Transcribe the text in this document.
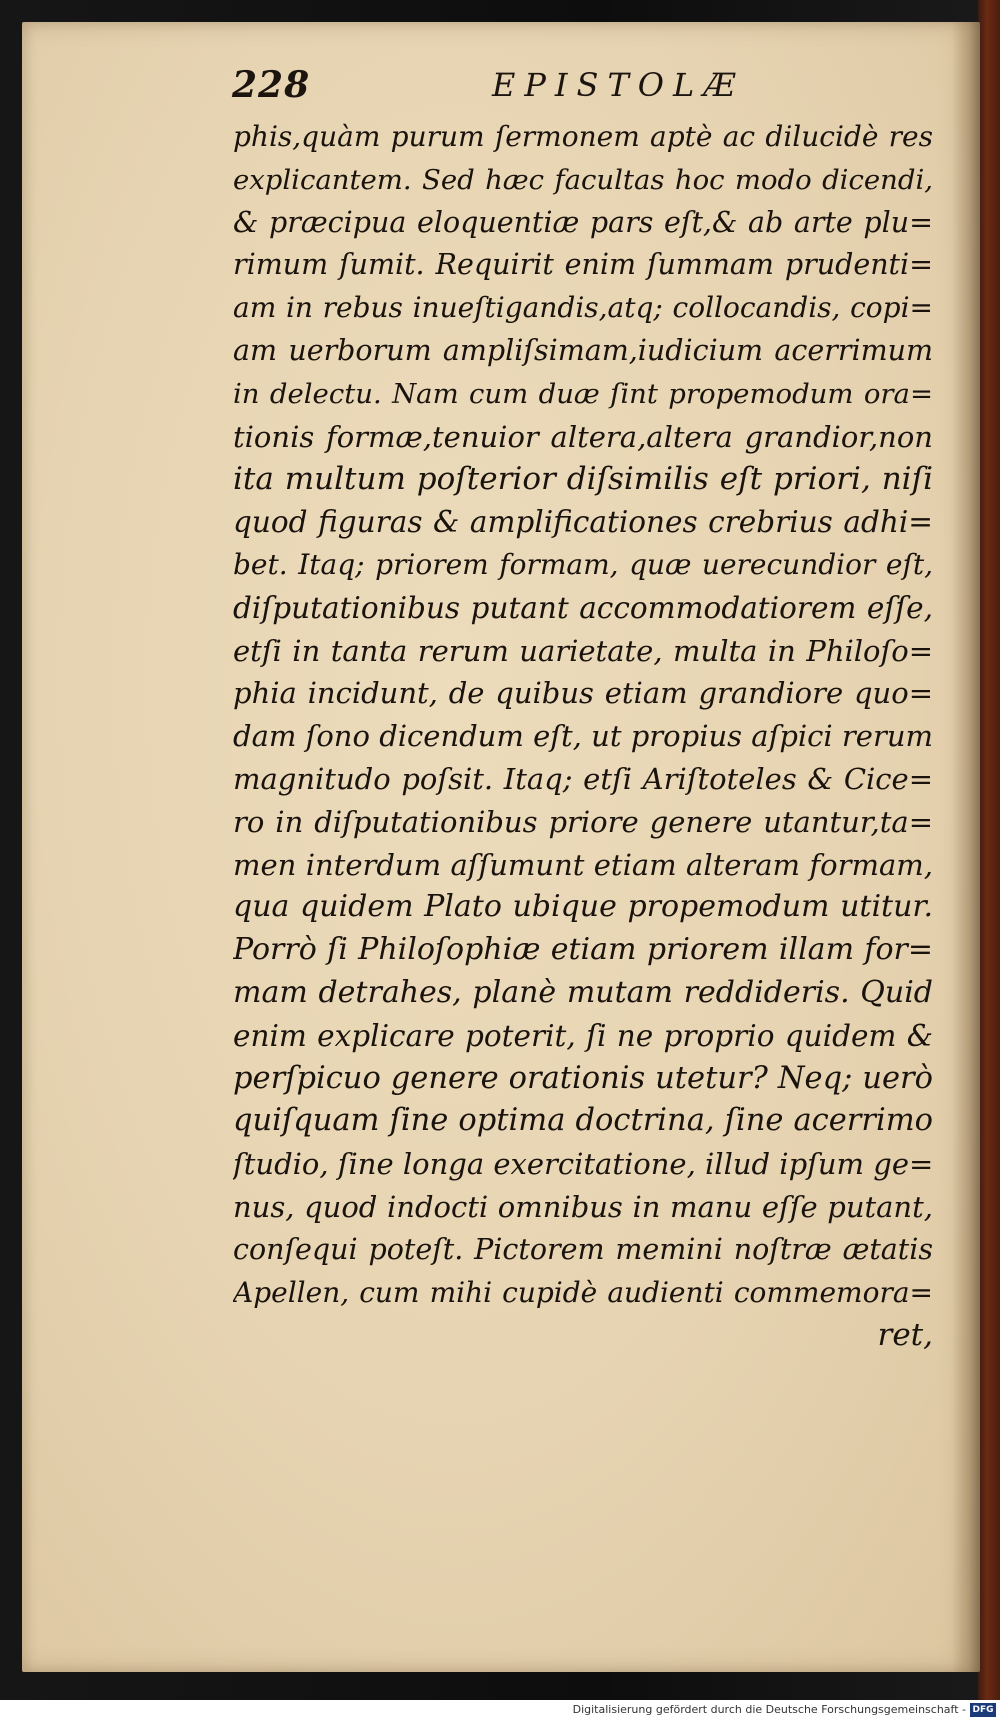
228	EPISTOLÆ
phis,quàm purum ſermonem aptè ac dilucidè res
explicantem. Sed hæc facultas hoc modo dicendi,
& præcipua eloquentiæ pars eſt,& ab arte plu=
rimum ſumit. Requirit enim ſummam prudenti=
am in rebus inueſtigandis,atq; collocandis, copi=
am uerborum ampliſsimam,iudicium acerrimum
in delectu. Nam cum duæ ſint propemodum ora=
tionis formæ,tenuior altera,altera grandior,non
ita multum poſterior diſsimilis eſt priori, niſi
quod figuras & amplificationes crebrius adhi=
bet. Itaq; priorem formam, quæ uerecundior eſt,
diſputationibus putant accommodatiorem eſſe,
etſi in tanta rerum uarietate, multa in Philoſo=
phia incidunt, de quibus etiam grandiore quo=
dam ſono dicendum eſt, ut propius aſpici rerum
magnitudo poſsit. Itaq; etſi Ariſtoteles & Cice=
ro in diſputationibus priore genere utantur,ta=
men interdum aſſumunt etiam alteram formam,
qua quidem Plato ubique propemodum utitur.
Porrò ſi Philoſophiæ etiam priorem illam for=
mam detrahes, planè mutam reddideris. Quid
enim explicare poterit, ſi ne proprio quidem &
perſpicuo genere orationis utetur? Neq; uerò
quiſquam ſine optima doctrina, ſine acerrimo
ſtudio, ſine longa exercitatione, illud ipſum ge=
nus, quod indocti omnibus in manu eſſe putant,
conſequi poteſt. Pictorem memini noſtræ ætatis
Apellen, cum mihi cupidè audienti commemora=
ret,
Digitalisierung gefördert durch die Deutsche Forschungsgemeinschaft - DFG
